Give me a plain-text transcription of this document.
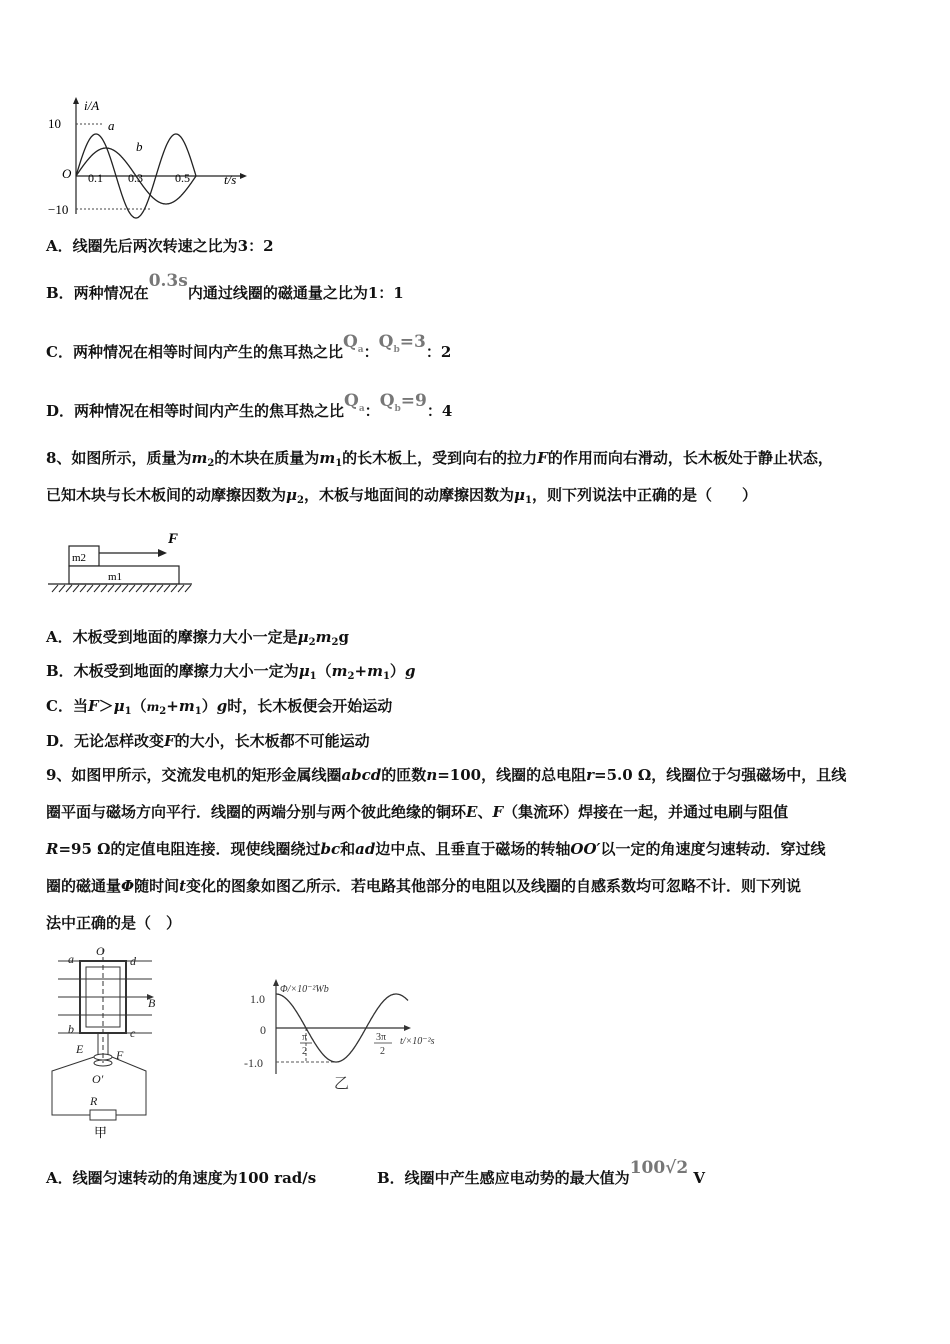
i/A
10
−10
O 0.1 0.3	0.5	t/s
a
b
A．线圈先后两次转速之比为3：2
B．两种情况在0.3s内通过线圈的磁通量之比为1：1
C．两种情况在相等时间内产生的焦耳热之比$Q_a$：$Q_b=3$：2
D．两种情况在相等时间内产生的焦耳热之比$Q_a$：$Q_b=9$：4
8、如图所示，质量为$m_2$的木块在质量为$m_1$的长木板上，受到向右的拉力F的作用而向右滑动，长木板处于静止状态，
已知木块与长木板间的动摩擦因数为$\mu_2$，木板与地面间的动摩擦因数为$\mu_1$，则下列说法中正确的是（　　）
m2
m1
F
A．木板受到地面的摩擦力大小一定是$\mu_2m_2g$
B．木板受到地面的摩擦力大小一定为$\mu_1(m_2+m_1)g$
C．当$F>\mu_1(m_2+m_1)g$时，长木板便会开始运动
D．无论怎样改变F的大小，长木板都不可能运动
9、如图甲所示，交流发电机的矩形金属线圈abcd的匝数n=100，线圈的总电阻r=5.0 Ω，线圈位于匀强磁场中，且线
圈平面与磁场方向平行．线圈的两端分别与两个彼此绝缘的铜环E、F（集流环）焊接在一起，并通过电刷与阻值
R=95 Ω的定值电阻连接．现使线圈绕过bc和ad边中点、且垂直于磁场的转轴OO′以一定的角速度匀速转动．穿过线
圈的磁通量Φ随时间t变化的图象如图乙所示．若电路其他部分的电阻以及线圈的自感系数均可忽略不计．则下列说
法中正确的是（　）
a
O
d
B
b	c
E	F
O′
R
甲
1.0
0
-1.0
Φ/×10⁻²Wb
t/×10⁻²s
π
2
3π
2
乙
A．线圈匀速转动的角速度为100 rad/s	B．线圈中产生感应电动势的最大值为100√2 V
